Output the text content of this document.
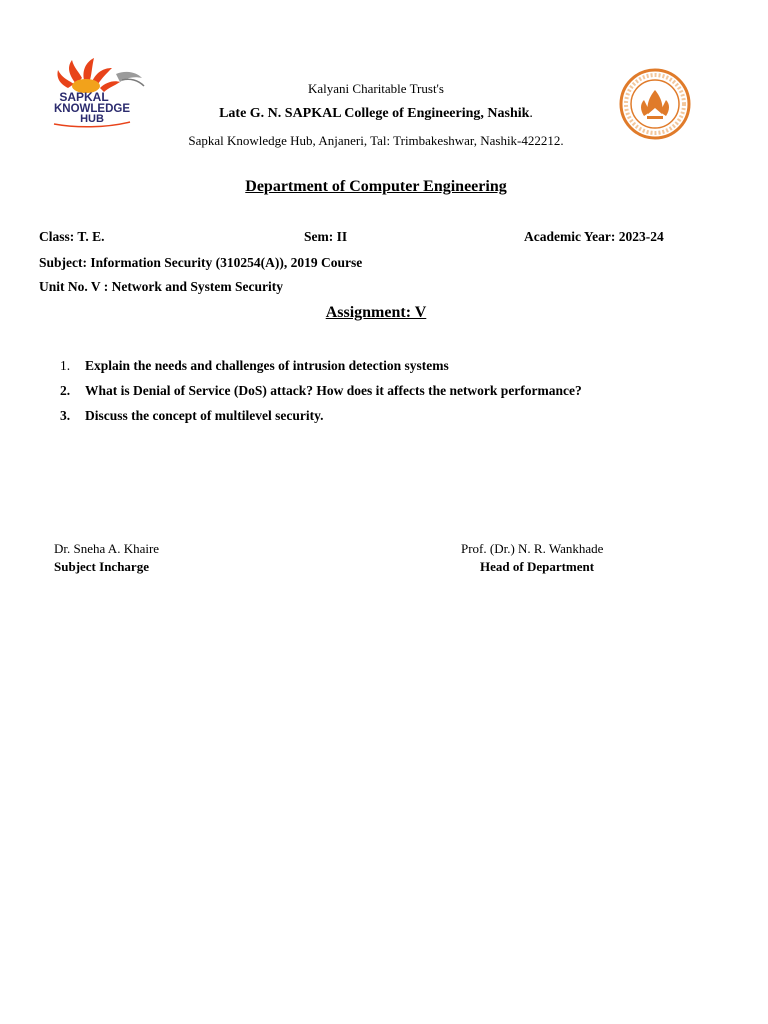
SAPKAL
KNOWLEDGE
HUB
Kalyani Charitable Trust's
Late G. N. SAPKAL College of Engineering, Nashik.
Sapkal Knowledge Hub, Anjaneri, Tal: Trimbakeshwar, Nashik-422212.
Department of Computer Engineering
Class: T. E.	Sem: II	Academic Year: 2023-24
Subject: Information Security (310254(A)), 2019 Course
Unit No. V : Network and System Security
Assignment: V
1.	Explain the needs and challenges of intrusion detection systems
2.	What is Denial of Service (DoS) attack? How does it affects the network performance?
3.	Discuss the concept of multilevel security.
Dr. Sneha A. Khaire
Subject Incharge
Prof. (Dr.) N. R. Wankhade
Head of Department
